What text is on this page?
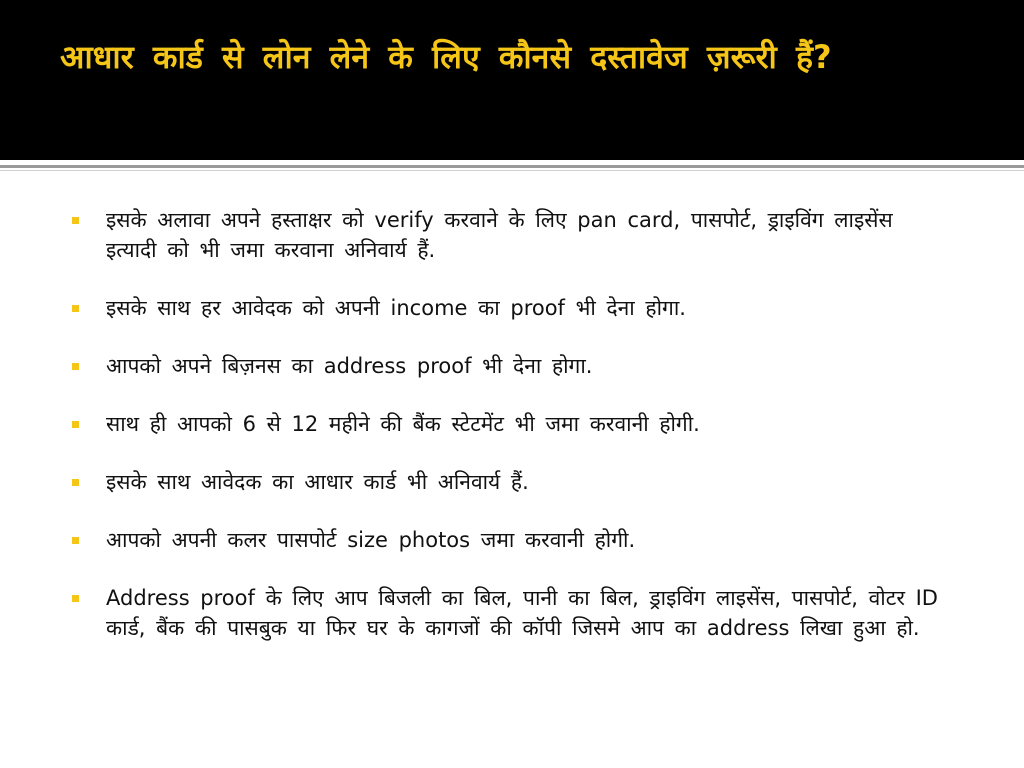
आधार कार्ड से लोन लेने के लिए कौनसे दस्तावेज ज़रूरी हैं?
इसके अलावा अपने हस्ताक्षर को verify करवाने के लिए pan card, पासपोर्ट, ड्राइविंग लाइसेंस इत्यादी को भी जमा करवाना अनिवार्य हैं.
इसके साथ हर आवेदक को अपनी income का proof भी देना होगा.
आपको अपने बिज़नस का address proof भी देना होगा.
साथ ही आपको 6 से 12 महीने की बैंक स्टेटमेंट भी जमा करवानी होगी.
इसके साथ आवेदक का आधार कार्ड भी अनिवार्य हैं.
आपको अपनी कलर पासपोर्ट size photos जमा करवानी होगी.
Address proof के लिए आप बिजली का बिल, पानी का बिल, ड्राइविंग लाइसेंस, पासपोर्ट, वोटर ID कार्ड, बैंक की पासबुक या फिर घर के कागजों की कॉपी जिसमे आप का address लिखा हुआ हो.
